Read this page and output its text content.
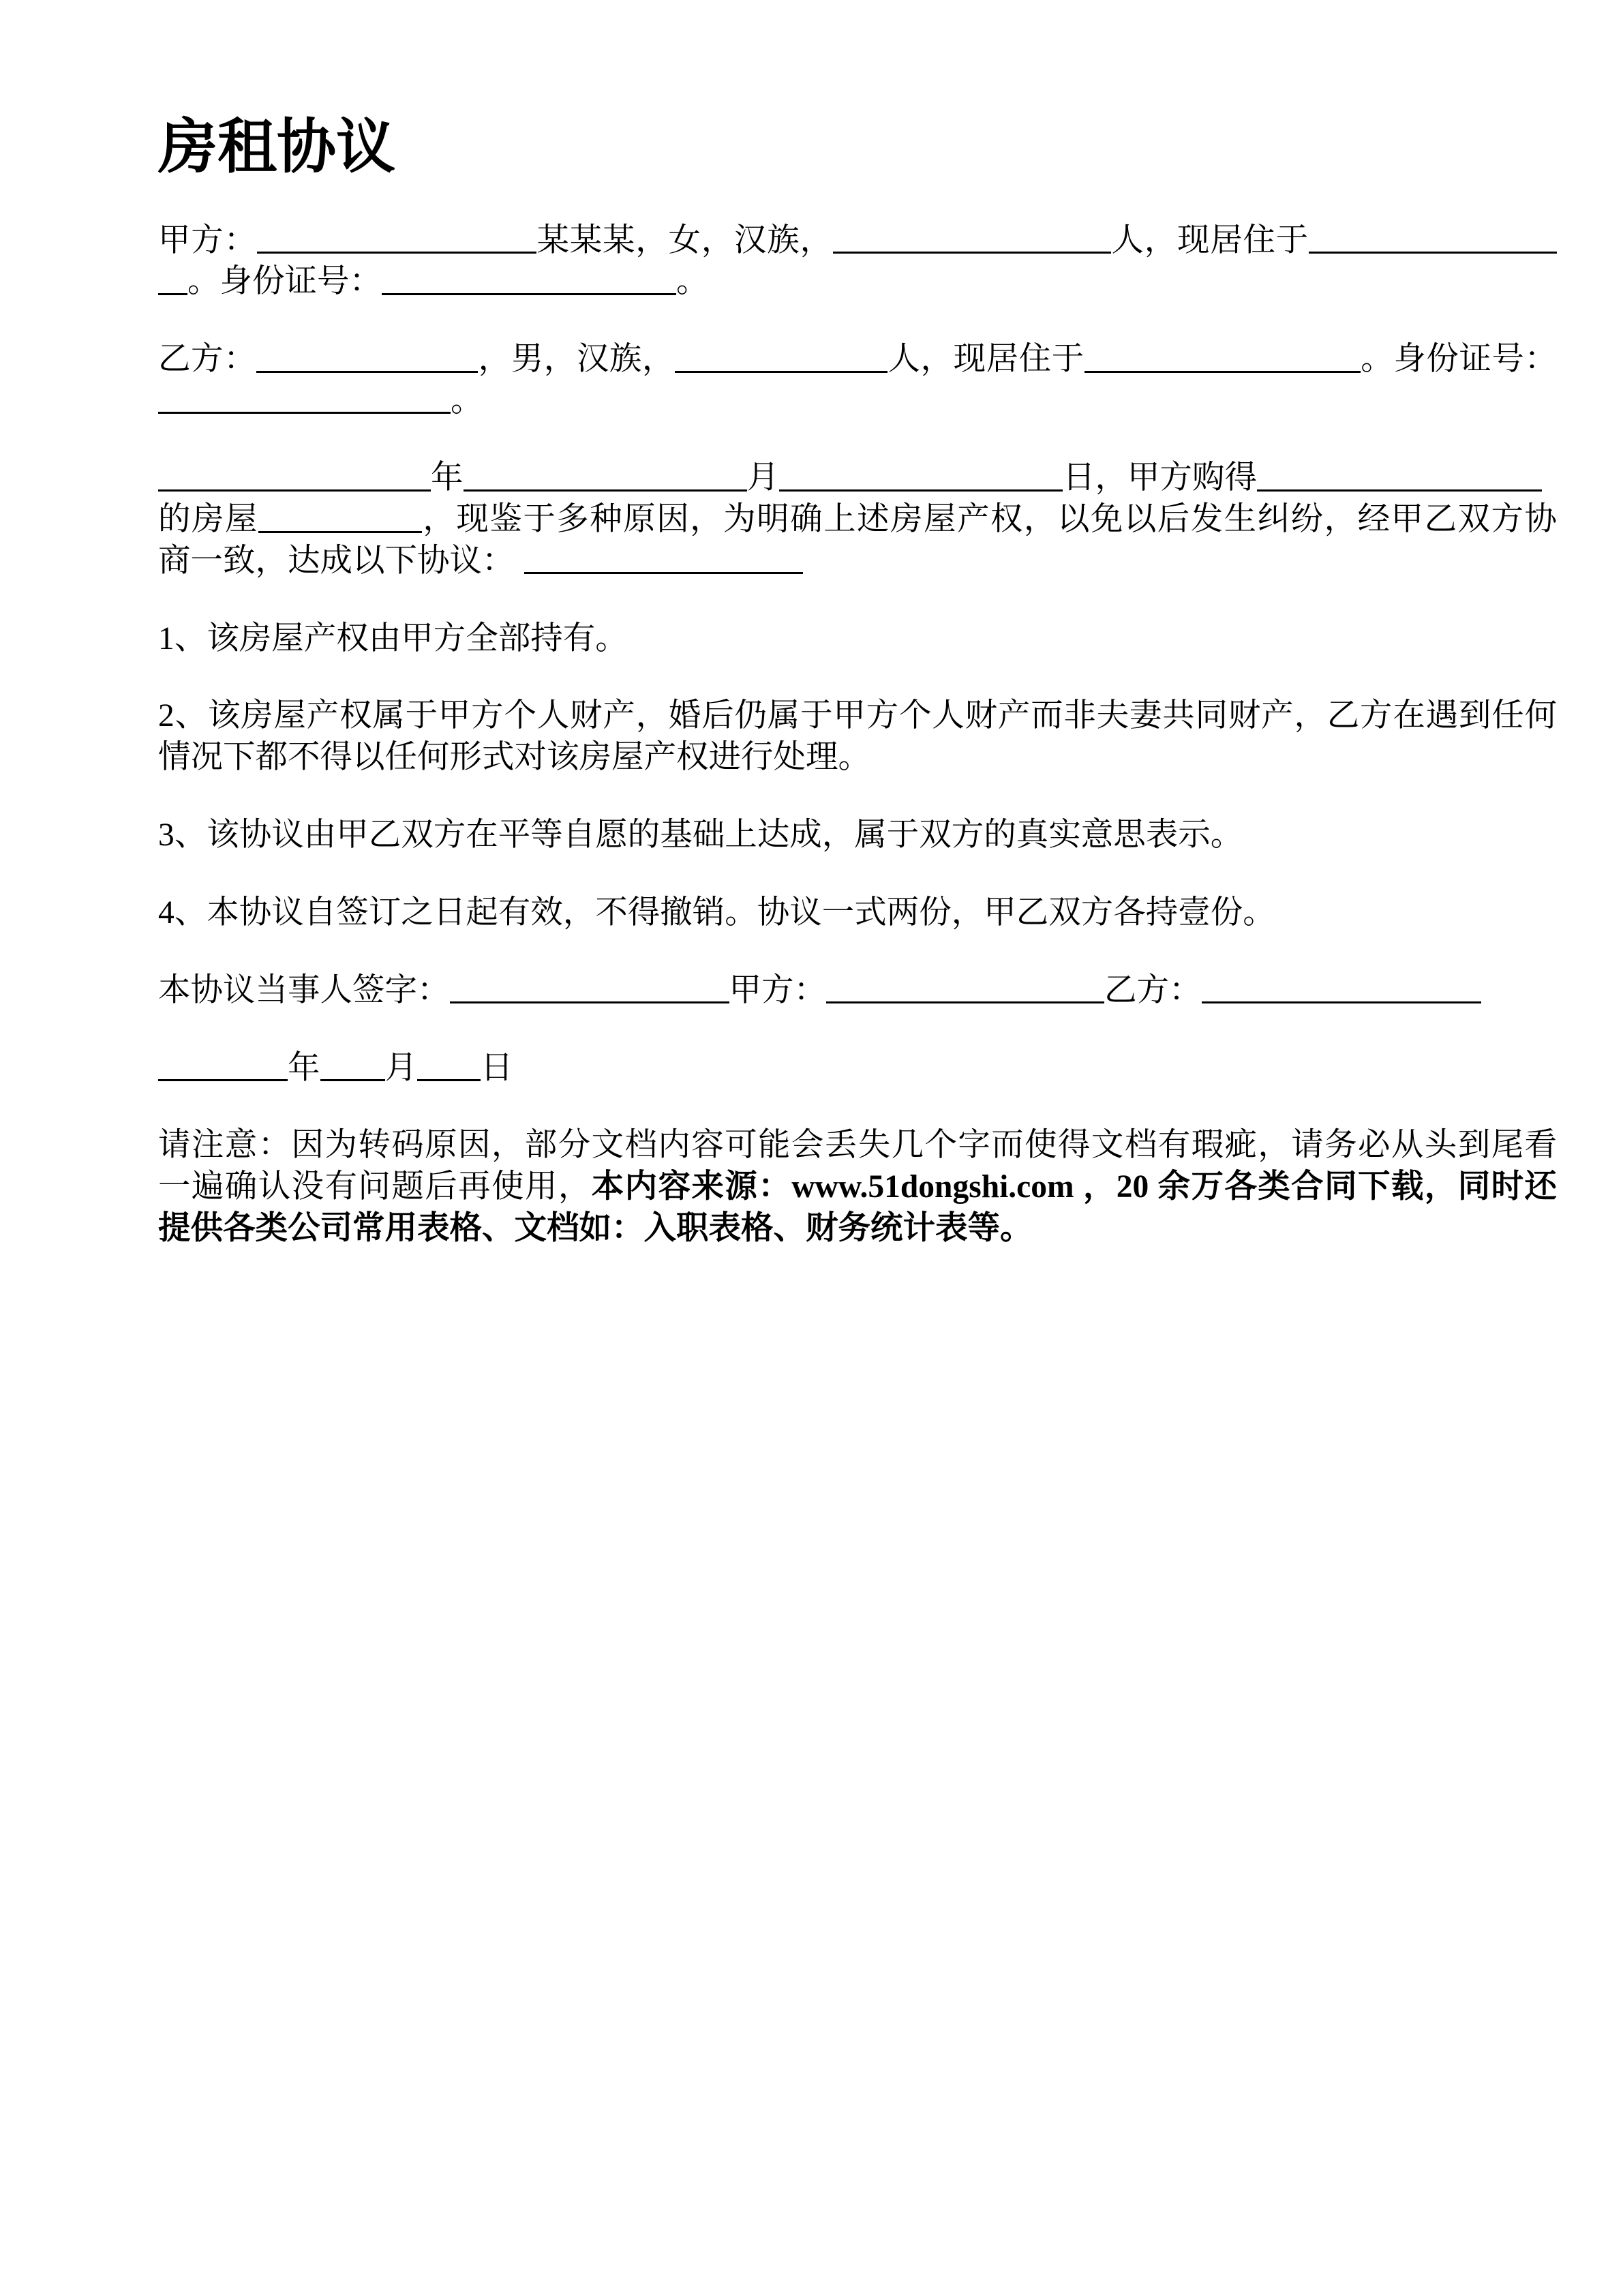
房租协议
甲方：	某某某，女，汉族，	人，现居住于
。身份证号：	。
乙方：	，男，汉族，	人，现居住于	。身份证号：
。
年	月	日，甲方购得
的房屋	，现鉴于多种原因，为明确上述房屋产权，以免以后发生纠纷，经甲乙双方协
商一致，达成以下协议：
1、该房屋产权由甲方全部持有。
2、该房屋产权属于甲方个人财产，婚后仍属于甲方个人财产而非夫妻共同财产，乙方在遇到任何
情况下都不得以任何形式对该房屋产权进行处理。
3、该协议由甲乙双方在平等自愿的基础上达成，属于双方的真实意思表示。
4、本协议自签订之日起有效，不得撤销。协议一式两份，甲乙双方各持壹份。
本协议当事人签字：	甲方：	乙方：
年 月 日
请注意：因为转码原因，部分文档内容可能会丢失几个字而使得文档有瑕疵，请务必从头到尾看
一遍确认没有问题后再使用，本内容来源：www.51dongshi.com ，20 余万各类合同下载，同时还
提供各类公司常用表格、文档如：入职表格、财务统计表等。
